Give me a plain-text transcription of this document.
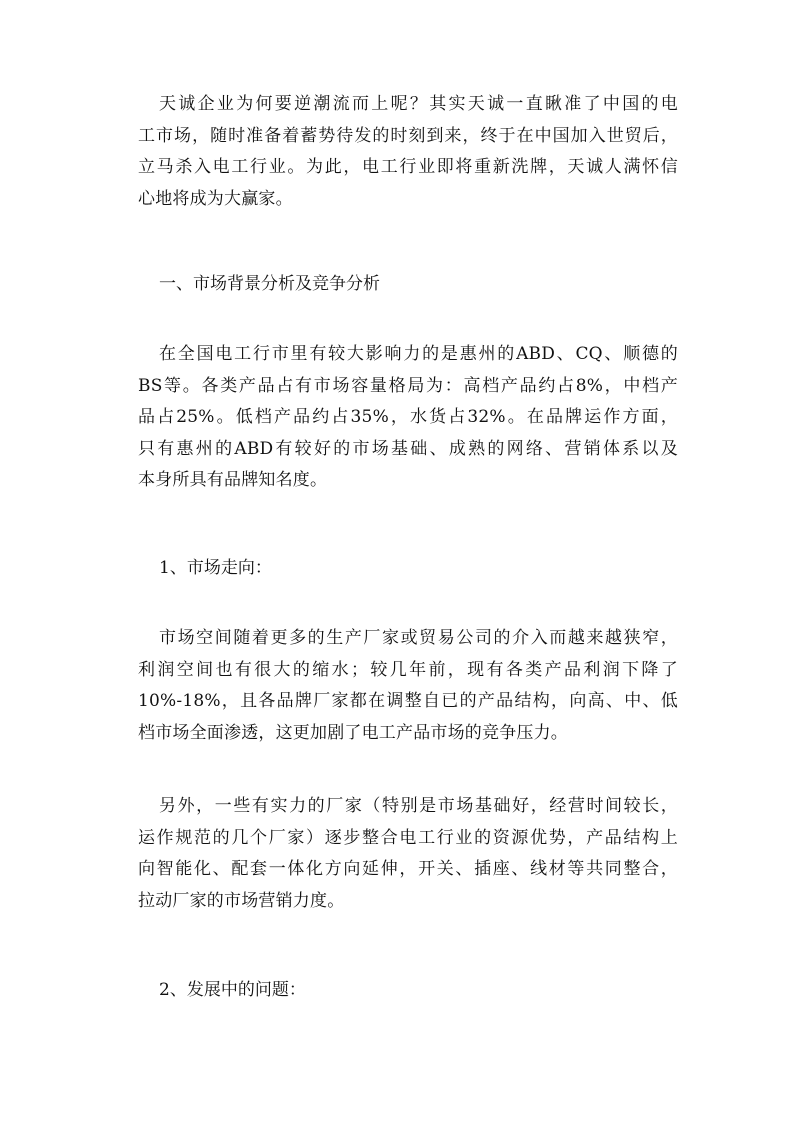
天诚企业为何要逆潮流而上呢？其实天诚一直瞅准了中国的电
工市场，随时准备着蓄势待发的时刻到来，终于在中国加入世贸后，
立马杀入电工行业。为此，电工行业即将重新洗牌，天诚人满怀信
心地将成为大赢家。
一、市场背景分析及竞争分析
在全国电工行市里有较大影响力的是惠州的ABD、CQ、顺德的
BS等。各类产品占有市场容量格局为：高档产品约占8%，中档产
品占25%。低档产品约占35%，水货占32%。在品牌运作方面，
只有惠州的ABD有较好的市场基础、成熟的网络、营销体系以及
本身所具有品牌知名度。
1、市场走向：
市场空间随着更多的生产厂家或贸易公司的介入而越来越狭窄，
利润空间也有很大的缩水；较几年前，现有各类产品利润下降了
10%-18%，且各品牌厂家都在调整自已的产品结构，向高、中、低
档市场全面渗透，这更加剧了电工产品市场的竞争压力。
另外，一些有实力的厂家（特别是市场基础好，经营时间较长，
运作规范的几个厂家）逐步整合电工行业的资源优势，产品结构上
向智能化、配套一体化方向延伸，开关、插座、线材等共同整合，
拉动厂家的市场营销力度。
2、发展中的问题：
